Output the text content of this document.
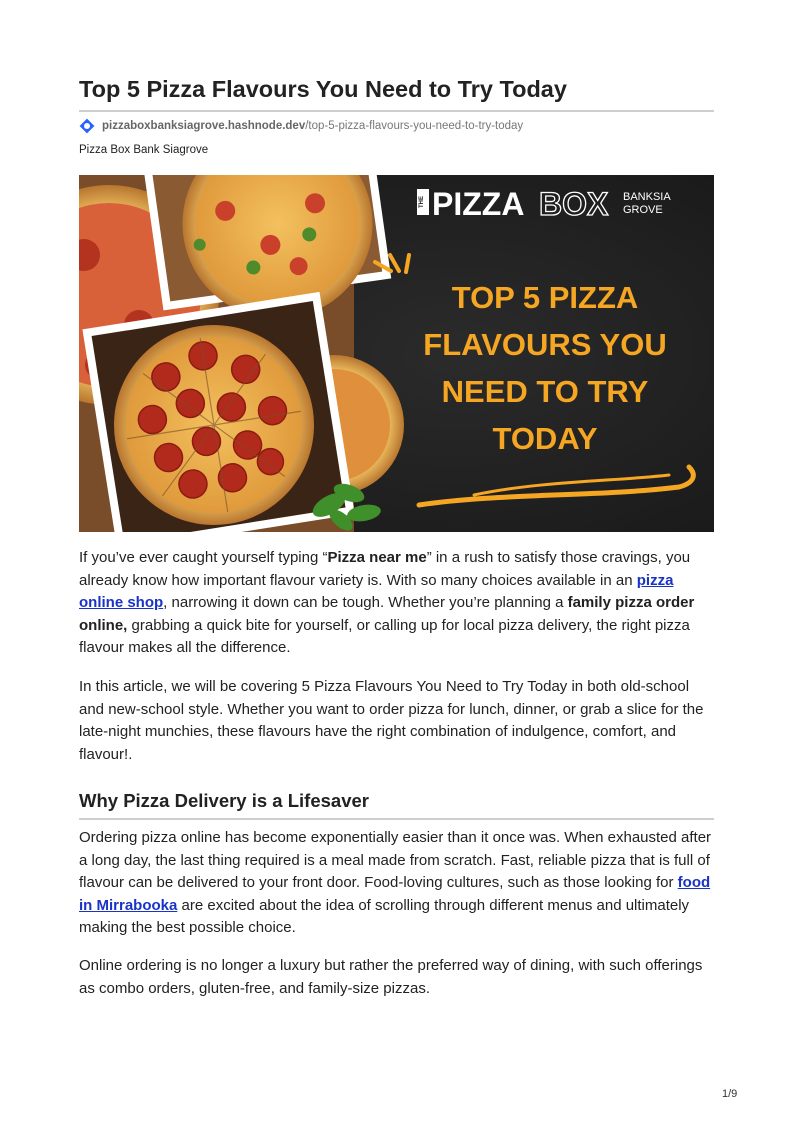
Top 5 Pizza Flavours You Need to Try Today
pizzaboxbanksiagrove.hashnode.dev /top-5-pizza-flavours-you-need-to-try-today
Pizza Box Bank Siagrove
THE PIZZA BOX BANKSIA
GROVE
TOP 5 PIZZA
FLAVOURS YOU
NEED TO TRY
TODAY

If you’ve ever caught yourself typing “Pizza near me” in a rush to satisfy those cravings, you already know how important flavour variety is. With so many choices available in an pizza online shop, narrowing it down can be tough. Whether you’re planning a family pizza order online, grabbing a quick bite for yourself, or calling up for local pizza delivery, the right pizza flavour makes all the difference.

In this article, we will be covering 5 Pizza Flavours You Need to Try Today in both old-school and new-school style. Whether you want to order pizza for lunch, dinner, or grab a slice for the late-night munchies, these flavours have the right combination of indulgence, comfort, and flavour!.

Why Pizza Delivery is a Lifesaver

Ordering pizza online has become exponentially easier than it once was. When exhausted after a long day, the last thing required is a meal made from scratch. Fast, reliable pizza that is full of flavour can be delivered to your front door. Food-loving cultures, such as those looking for food in Mirrabooka are excited about the idea of scrolling through different menus and ultimately making the best possible choice.

Online ordering is no longer a luxury but rather the preferred way of dining, with such offerings as combo orders, gluten-free, and family-size pizzas.

1/9
